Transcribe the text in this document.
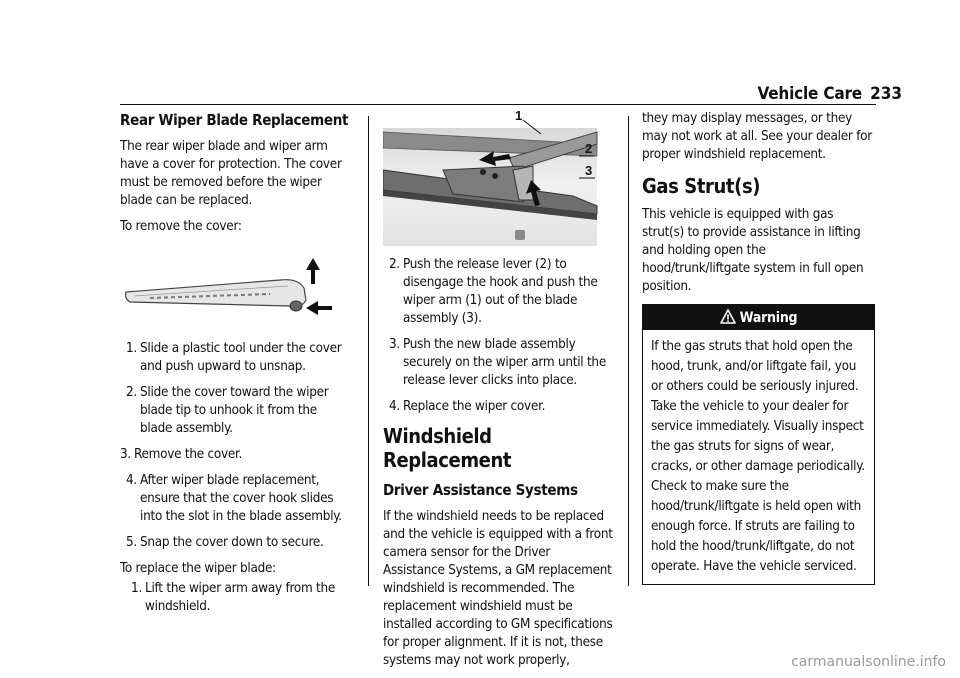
Vehicle Care 233
Rear Wiper Blade Replacement

The rear wiper blade and wiper arm have a cover for protection. The cover must be removed before the wiper blade can be replaced.

To remove the cover:

1. Slide a plastic tool under the cover and push upward to unsnap.
2. Slide the cover toward the wiper blade tip to unhook it from the blade assembly.
3. Remove the cover.
4. After wiper blade replacement, ensure that the cover hook slides into the slot in the blade assembly.
5. Snap the cover down to secure.

To replace the wiper blade:

1. Lift the wiper arm away from the windshield.
1
2
3
2. Push the release lever (2) to disengage the hook and push the wiper arm (1) out of the blade assembly (3).
3. Push the new blade assembly securely on the wiper arm until the release lever clicks into place.
4. Replace the wiper cover.
Windshield Replacement
Driver Assistance Systems

If the windshield needs to be replaced and the vehicle is equipped with a front camera sensor for the Driver Assistance Systems, a GM replacement windshield is recommended. The replacement windshield must be installed according to GM specifications for proper alignment. If it is not, these systems may not work properly,

they may display messages, or they may not work at all. See your dealer for proper windshield replacement.

Gas Strut(s)

This vehicle is equipped with gas strut(s) to provide assistance in lifting and holding open the hood/trunk/liftgate system in full open position.

Warning
If the gas struts that hold open the hood, trunk, and/or liftgate fail, you or others could be seriously injured. Take the vehicle to your dealer for service immediately. Visually inspect the gas struts for signs of wear, cracks, or other damage periodically. Check to make sure the hood/trunk/liftgate is held open with enough force. If struts are failing to hold the hood/trunk/liftgate, do not operate. Have the vehicle serviced.
carmanualsonline.info
